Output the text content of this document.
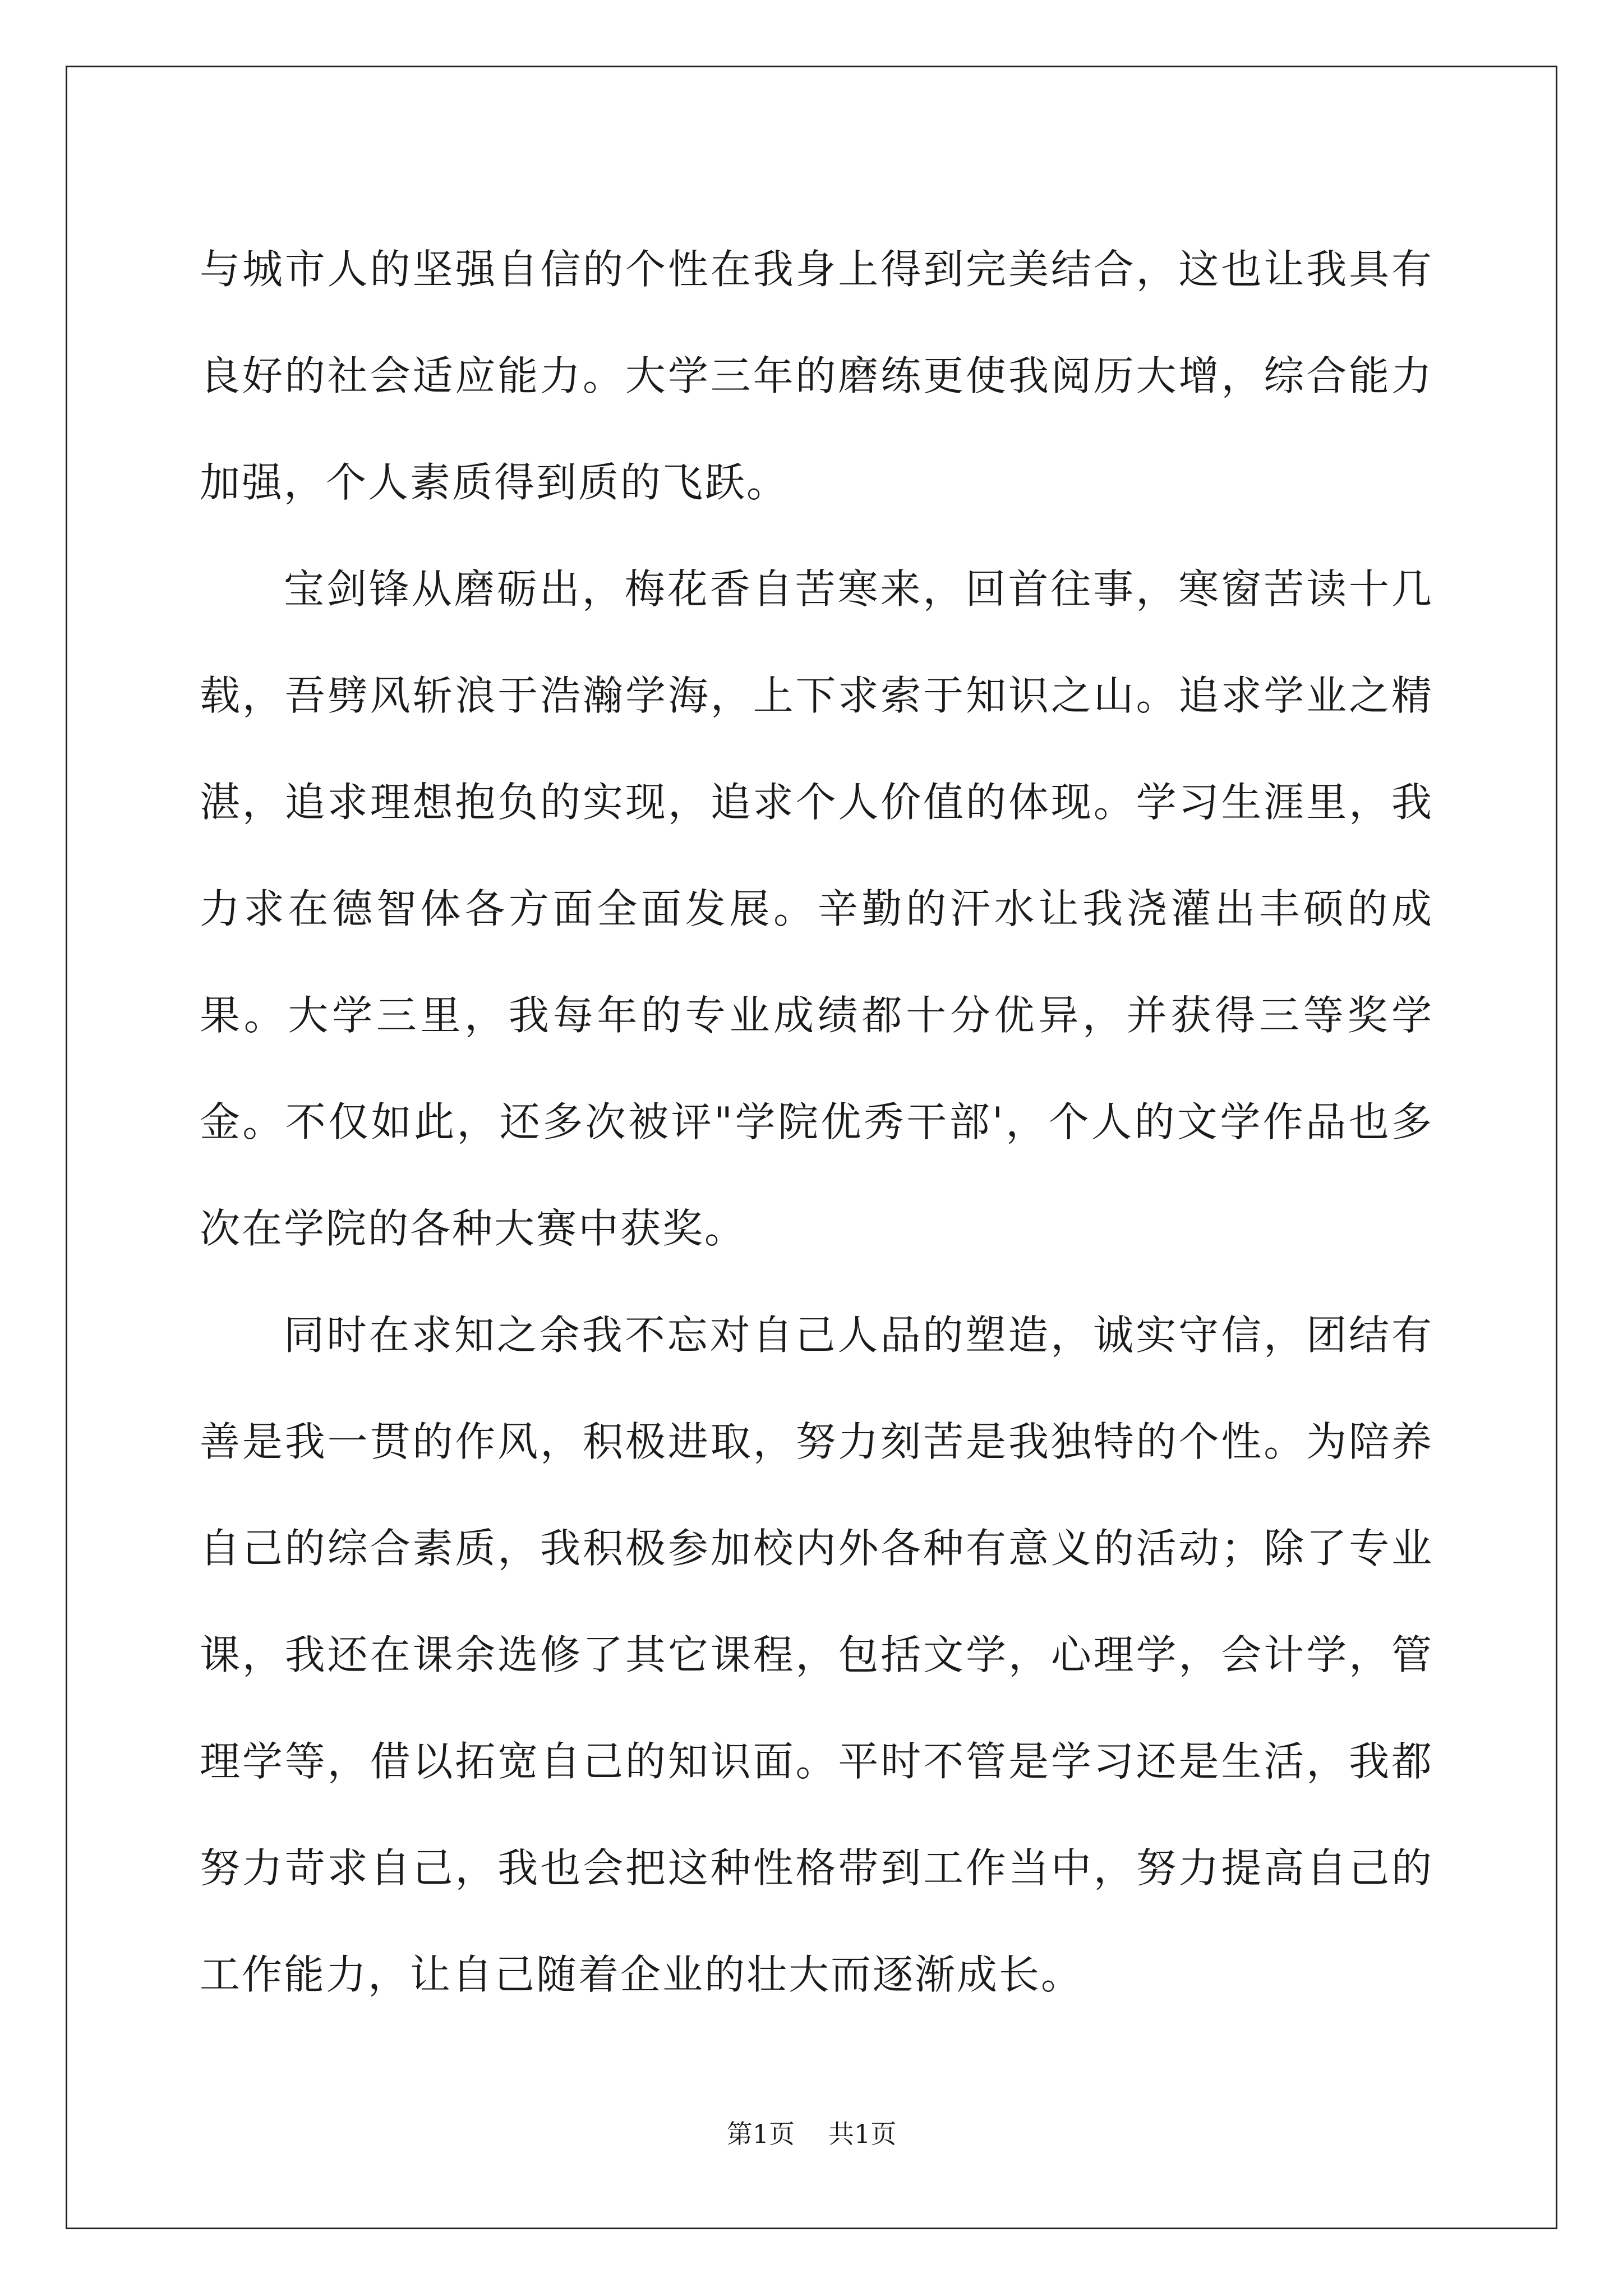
与城市人的坚强自信的个性在我身上得到完美结合，这也让我具有良好的社会适应能力。大学三年的磨练更使我阅历大增，综合能力加强，个人素质得到质的飞跃。

宝剑锋从磨砺出，梅花香自苦寒来，回首往事，寒窗苦读十几载，吾劈风斩浪于浩瀚学海，上下求索于知识之山。追求学业之精湛，追求理想抱负的实现，追求个人价值的体现。学习生涯里，我力求在德智体各方面全面发展。辛勤的汗水让我浇灌出丰硕的成果。大学三里，我每年的专业成绩都十分优异，并获得三等奖学金。不仅如此，还多次被评"学院优秀干部'，个人的文学作品也多次在学院的各种大赛中获奖。

同时在求知之余我不忘对自己人品的塑造，诚实守信，团结有善是我一贯的作风，积极进取，努力刻苦是我独特的个性。为陪养自己的综合素质，我积极参加校内外各种有意义的活动；除了专业课，我还在课余选修了其它课程，包括文学，心理学，会计学，管理学等，借以拓宽自己的知识面。平时不管是学习还是生活，我都努力苛求自己，我也会把这种性格带到工作当中，努力提高自己的工作能力，让自己随着企业的壮大而逐渐成长。

第1页 共1页
